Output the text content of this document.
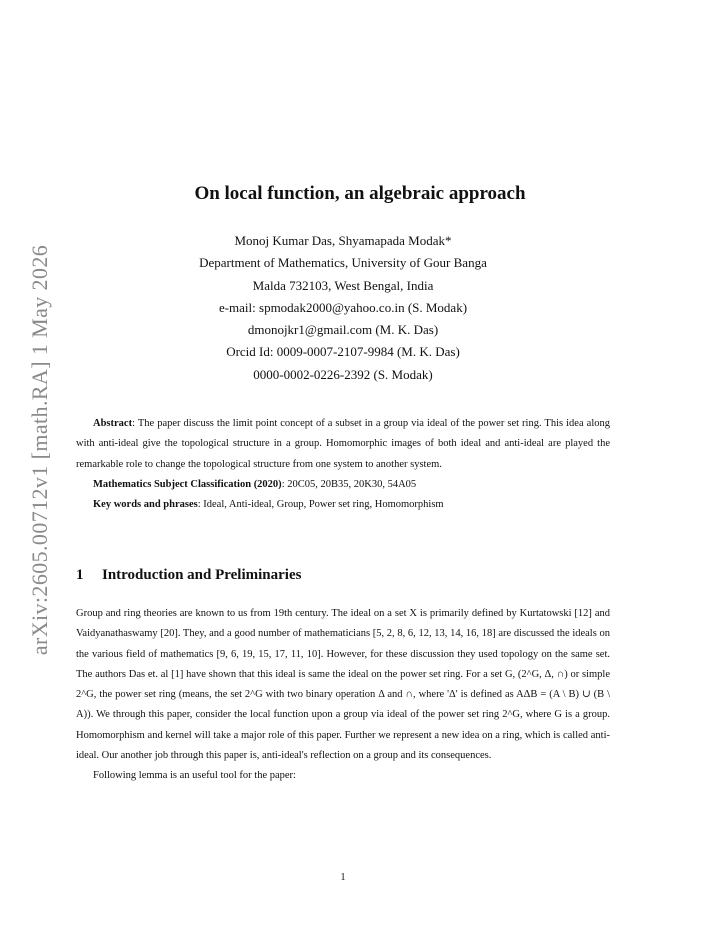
arXiv:2605.00712v1 [math.RA] 1 May 2026
On local function, an algebraic approach
Monoj Kumar Das, Shyamapada Modak*
Department of Mathematics, University of Gour Banga
Malda 732103, West Bengal, India
e-mail: spmodak2000@yahoo.co.in (S. Modak)
dmonojkr1@gmail.com (M. K. Das)
Orcid Id: 0009-0007-2107-9984 (M. K. Das)
0000-0002-0226-2392 (S. Modak)

Abstract: The paper discuss the limit point concept of a subset in a group via ideal of the power set ring. This idea along with anti-ideal give the topological structure in a group. Homomorphic images of both ideal and anti-ideal are played the remarkable role to change the topological structure from one system to another system.

Mathematics Subject Classification (2020): 20C05, 20B35, 20K30, 54A05

Key words and phrases: Ideal, Anti-ideal, Group, Power set ring, Homomorphism

1 Introduction and Preliminaries

Group and ring theories are known to us from 19th century. The ideal on a set X is primarily defined by Kurtatowski [12] and Vaidyanathaswamy [20]. They, and a good number of mathematicians [5, 2, 8, 6, 12, 13, 14, 16, 18] are discussed the ideals on the various field of mathematics [9, 6, 19, 15, 17, 11, 10]. However, for these discussion they used topology on the same set. The authors Das et. al [1] have shown that this ideal is same the ideal on the power set ring. For a set G, (2^G, Δ, ∩) or simple 2^G, the power set ring (means, the set 2^G with two binary operation Δ and ∩, where 'Δ' is defined as AΔB = (A \ B) ∪ (B \ A)). We through this paper, consider the local function upon a group via ideal of the power set ring 2^G, where G is a group. Homomorphism and kernel will take a major role of this paper. Further we represent a new idea on a ring, which is called anti-ideal. Our another job through this paper is, anti-ideal's reflection on a group and its consequences.

Following lemma is an useful tool for the paper:

1
